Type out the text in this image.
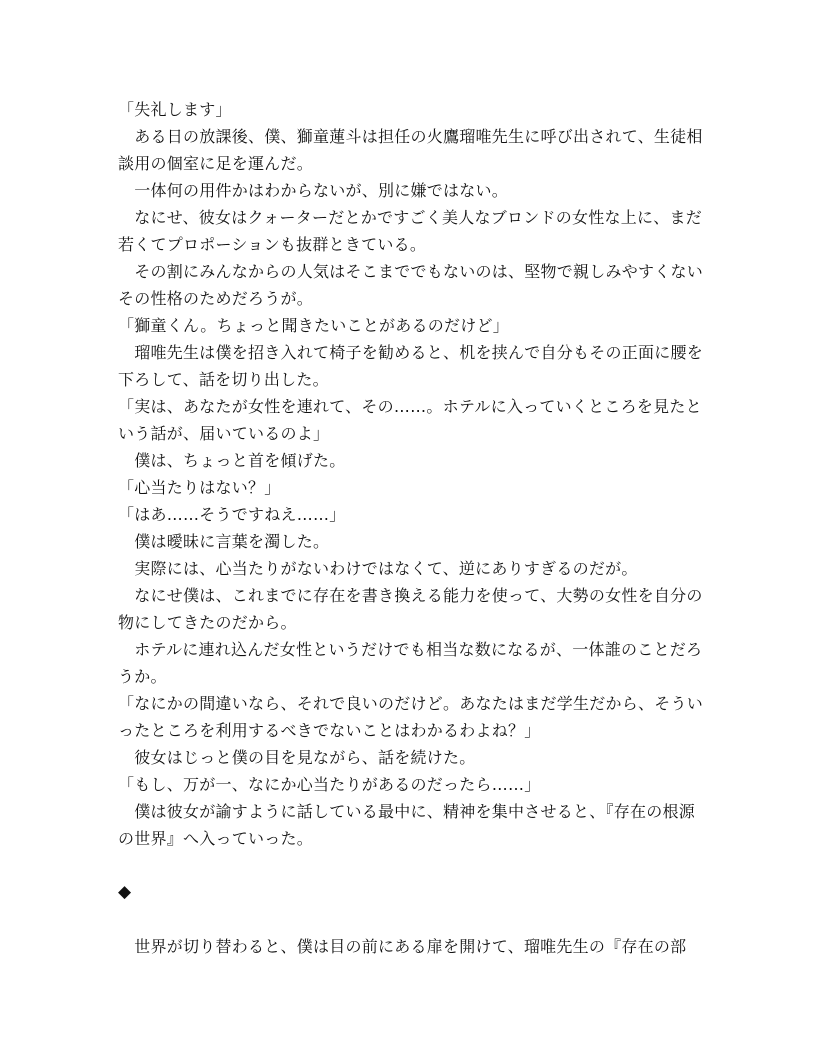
「失礼します」
　ある日の放課後、僕、獅童蓮斗は担任の火鷹瑠唯先生に呼び出されて、生徒相
談用の個室に足を運んだ。
　一体何の用件かはわからないが、別に嫌ではない。
　なにせ、彼女はクォーターだとかですごく美人なブロンドの女性な上に、まだ
若くてプロポーションも抜群ときている。
　その割にみんなからの人気はそこまででもないのは、堅物で親しみやすくない
その性格のためだろうが。
「獅童くん。ちょっと聞きたいことがあるのだけど」
　瑠唯先生は僕を招き入れて椅子を勧めると、机を挟んで自分もその正面に腰を
下ろして、話を切り出した。
「実は、あなたが女性を連れて、その……。ホテルに入っていくところを見たと
いう話が、届いているのよ」
　僕は、ちょっと首を傾げた。
「心当たりはない？」
「はあ……そうですねえ……」
　僕は曖昧に言葉を濁した。
　実際には、心当たりがないわけではなくて、逆にありすぎるのだが。
　なにせ僕は、これまでに存在を書き換える能力を使って、大勢の女性を自分の
物にしてきたのだから。
　ホテルに連れ込んだ女性というだけでも相当な数になるが、一体誰のことだろ
うか。
「なにかの間違いなら、それで良いのだけど。あなたはまだ学生だから、そうい
ったところを利用するべきでないことはわかるわよね？」
　彼女はじっと僕の目を見ながら、話を続けた。
「もし、万が一、なにか心当たりがあるのだったら……」
　僕は彼女が諭すように話している最中に、精神を集中させると、『存在の根源
の世界』へ入っていった。
◆
　世界が切り替わると、僕は目の前にある扉を開けて、瑠唯先生の『存在の部
